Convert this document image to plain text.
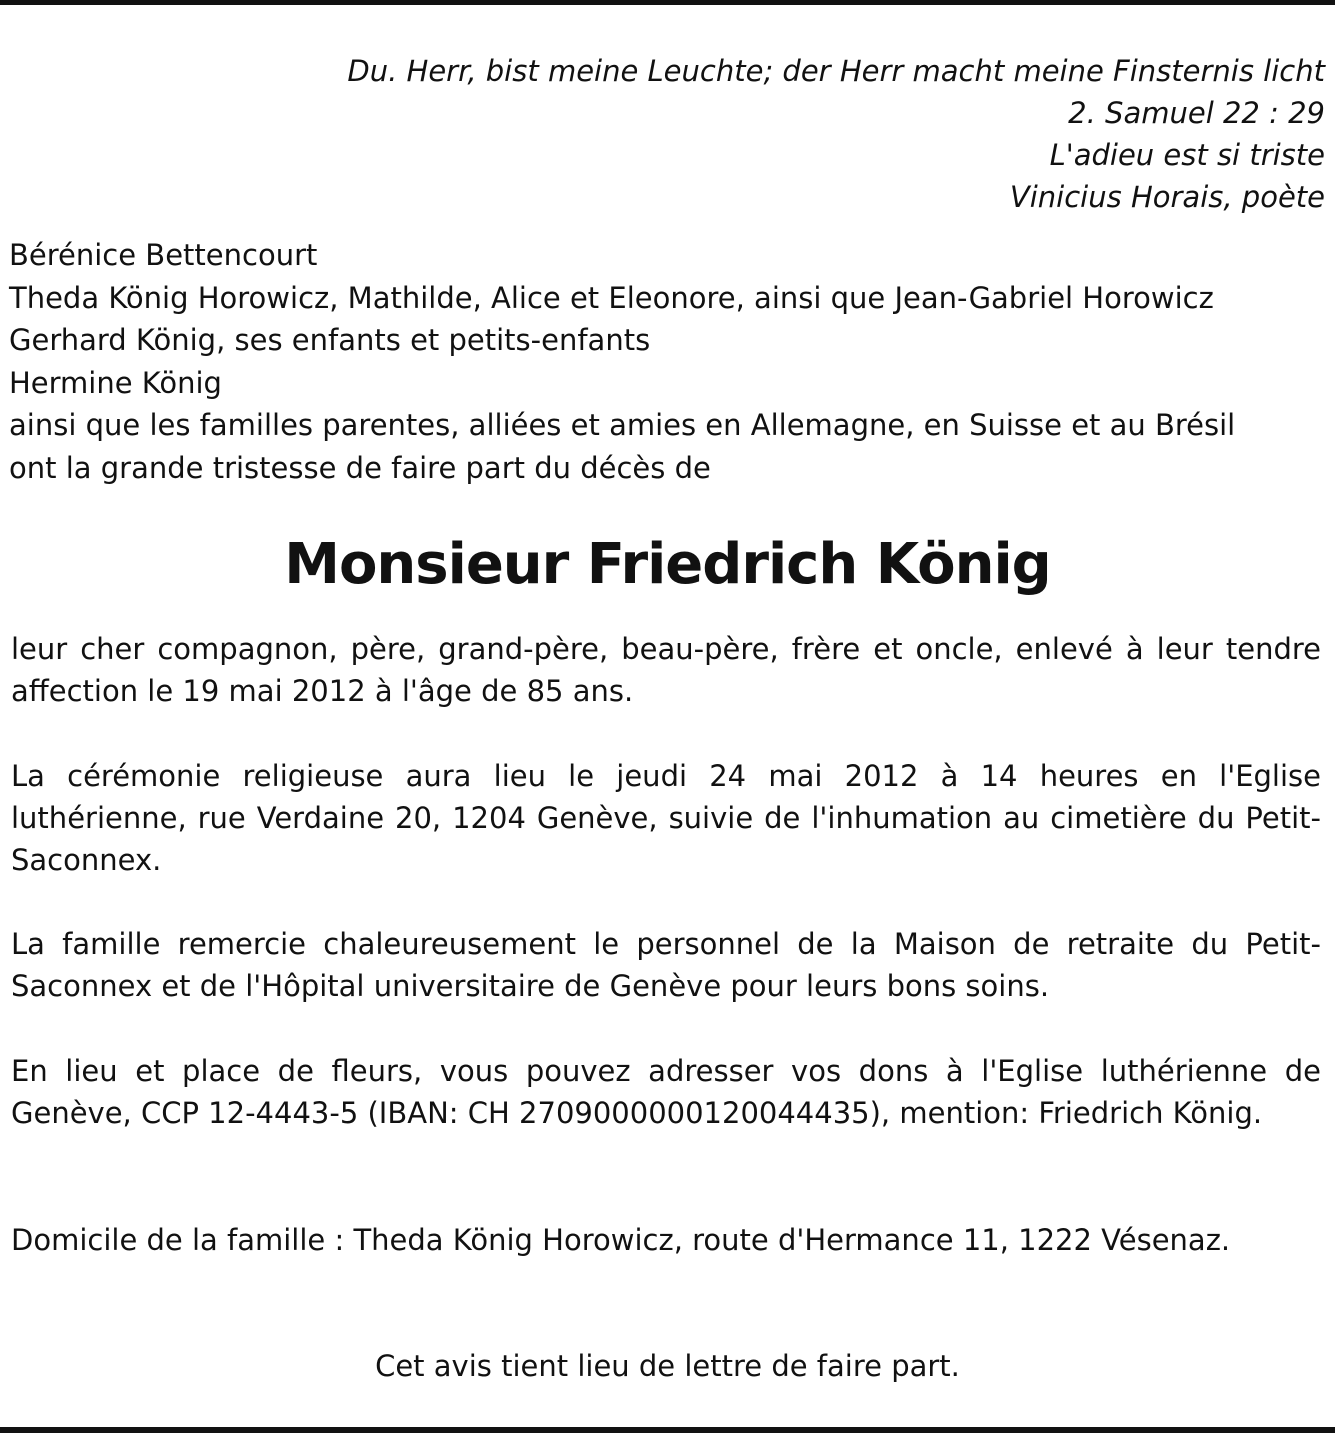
Du. Herr, bist meine Leuchte; der Herr macht meine Finsternis licht
2. Samuel 22 : 29
L'adieu est si triste
Vinicius Horais, poète
Bérénice Bettencourt
Theda König Horowicz, Mathilde, Alice et Eleonore, ainsi que Jean-Gabriel Horowicz
Gerhard König, ses enfants et petits-enfants
Hermine König
ainsi que les familles parentes, alliées et amies en Allemagne, en Suisse et au Brésil
ont la grande tristesse de faire part du décès de
Monsieur Friedrich König
leur cher compagnon, père, grand-père, beau-père, frère et oncle, enlevé à leur tendre affection le 19 mai 2012 à l'âge de 85 ans.
La cérémonie religieuse aura lieu le jeudi 24 mai 2012 à 14 heures en l'Eglise luthérienne, rue Verdaine 20, 1204 Genève, suivie de l'inhumation au cimetière du Petit-Saconnex.
La famille remercie chaleureusement le personnel de la Maison de retraite du Petit-Saconnex et de l'Hôpital universitaire de Genève pour leurs bons soins.
En lieu et place de fleurs, vous pouvez adresser vos dons à l'Eglise luthérienne de Genève, CCP 12-4443-5 (IBAN: CH 2709000000120044435), mention: Friedrich König.
Domicile de la famille : Theda König Horowicz, route d'Hermance 11, 1222 Vésenaz.
Cet avis tient lieu de lettre de faire part.
